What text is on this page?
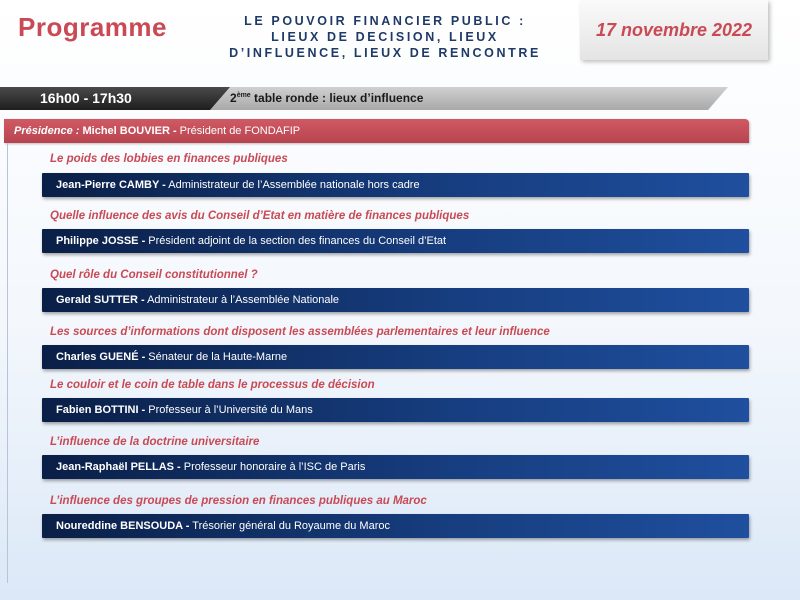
Programme	LE POUVOIR FINANCIER PUBLIC :
LIEUX DE DECISION, LIEUX
D’INFLUENCE, LIEUX DE RENCONTRE
17 novembre 2022
16h00 - 17h30	2ème table ronde : lieux d’influence
Présidence : Michel BOUVIER - Président de FONDAFIP
Le poids des lobbies en finances publiques
Jean-Pierre CAMBY - Administrateur de l’Assemblée nationale hors cadre
Quelle influence des avis du Conseil d’Etat en matière de finances publiques
Philippe JOSSE - Président adjoint de la section des finances du Conseil d’Etat
Quel rôle du Conseil constitutionnel ?
Gerald SUTTER - Administrateur à l’Assemblée Nationale
Les sources d’informations dont disposent les assemblées parlementaires et leur influence
Charles GUENÉ - Sénateur de la Haute-Marne
Le couloir et le coin de table dans le processus de décision
Fabien BOTTINI - Professeur à l’Université du Mans
L’influence de la doctrine universitaire
Jean-Raphaël PELLAS - Professeur honoraire à l’ISC de Paris
L’influence des groupes de pression en finances publiques au Maroc
Noureddine BENSOUDA - Trésorier général du Royaume du Maroc
